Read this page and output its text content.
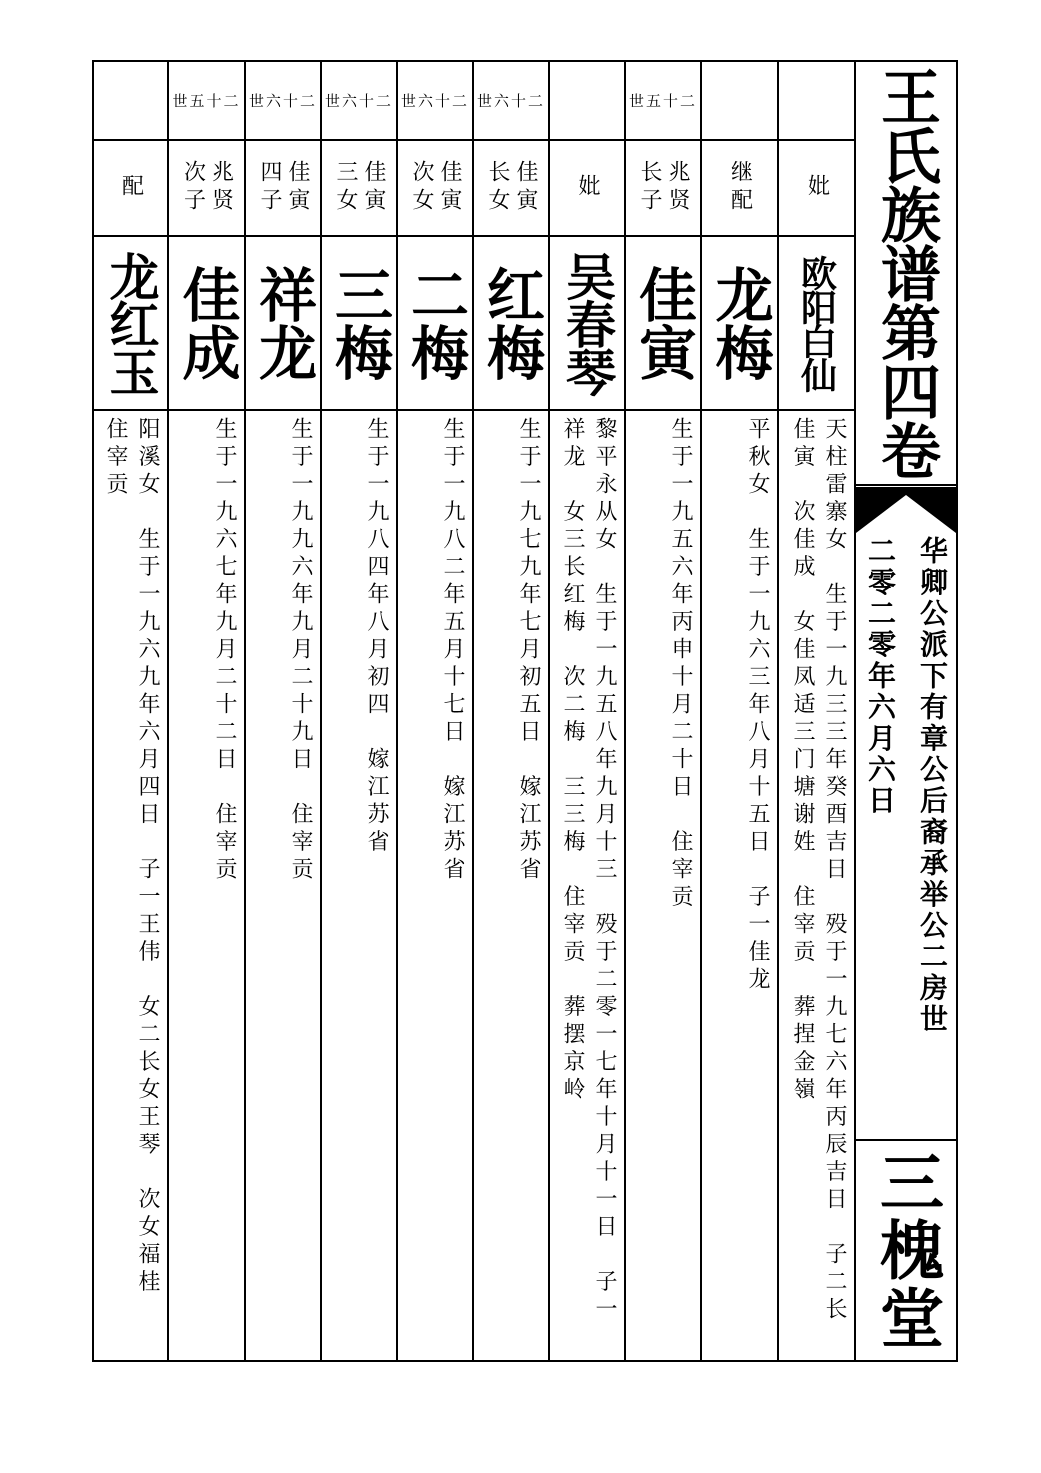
妣
欧阳白仙
天柱雷寨女　生于一九三三年癸酉吉日　殁于一九七六年丙辰吉日　子二长
佳寅　次佳成　女佳凤适三门塘谢姓　住宰贡　葬捏金嶺
继配
龙梅
平秋女　生于一九六三年八月十五日　子一佳龙
世五十二
兆贤
长子
佳寅
生于一九五六年丙申十月二十日　住宰贡
妣
吴春琴
黎平永从女　生于一九五八年九月十三　殁于二零一七年十月十一日　子一
祥龙　女三长红梅　次二梅　三三梅　住宰贡　葬摆京岭
世六十二
佳寅
长女
红梅
生于一九七九年七月初五日　嫁江苏省
世六十二
佳寅
次女
二梅
生于一九八二年五月十七日　嫁江苏省
世六十二
佳寅
三女
三梅
生于一九八四年八月初四　嫁江苏省
世六十二
佳寅
四子
祥龙
生于一九九六年九月二十九日　住宰贡
世五十二
兆贤
次子
佳成
生于一九六七年九月二十二日　住宰贡
配
龙红玉
阳溪女　生于一九六九年六月四日　子一王伟　女二长女王琴　次女福桂
住宰贡	王氏族谱第四卷
华卿公派下有章公后裔承举公二房世
二零二零年六月六日
三槐堂
